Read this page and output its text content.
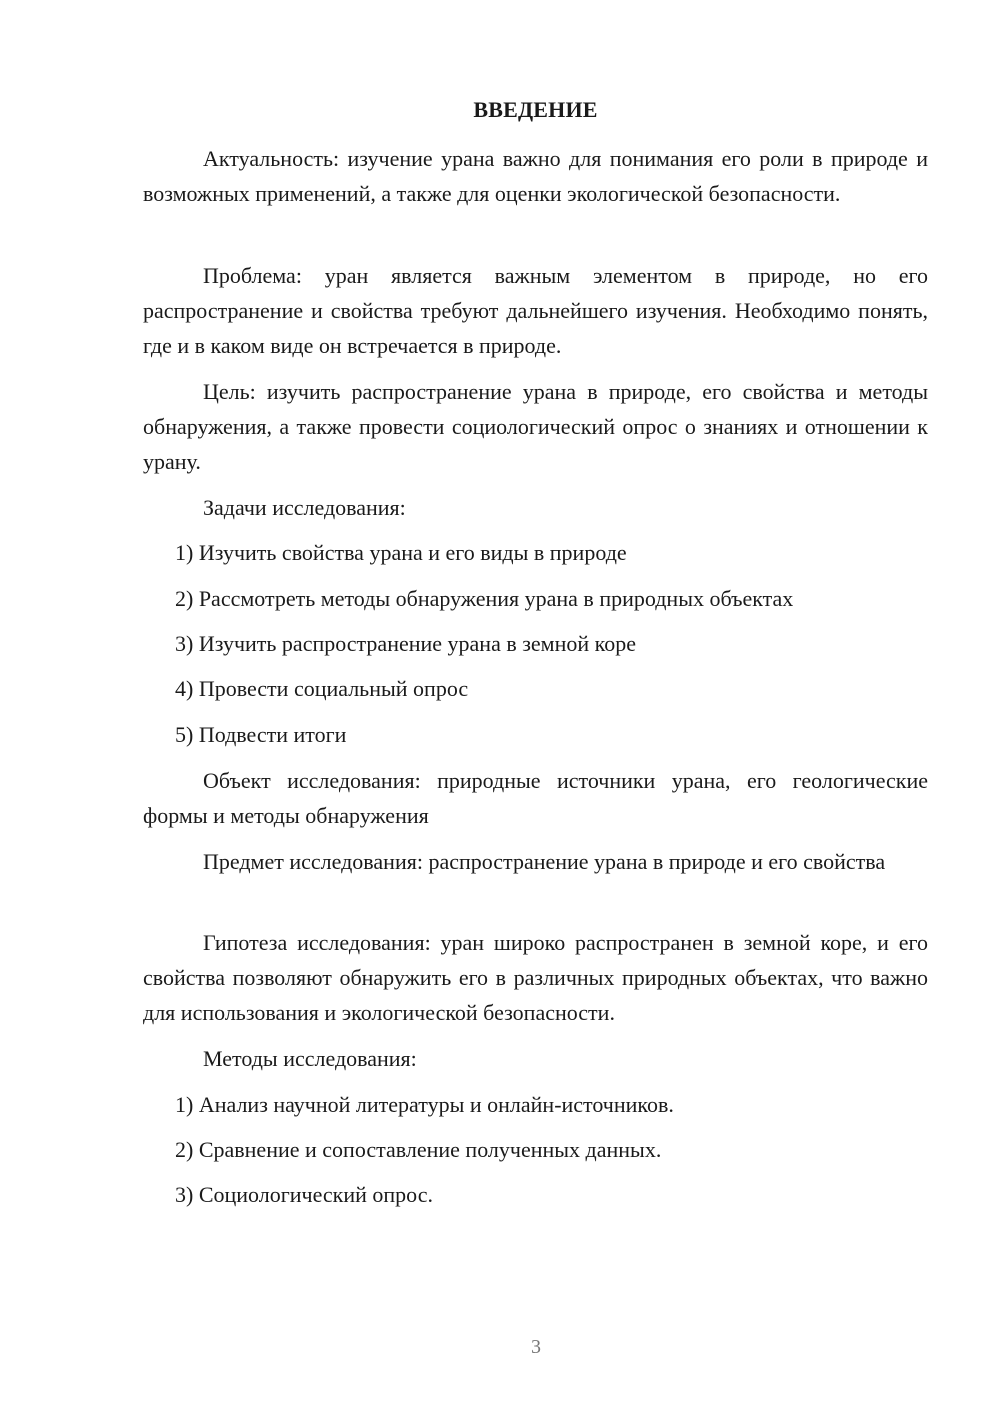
ВВЕДЕНИЕ

Актуальность: изучение урана важно для понимания его роли в природе и возможных применений, а также для оценки экологической безопасности.

Проблема: уран является важным элементом в природе, но его распространение и свойства требуют дальнейшего изучения. Необходимо понять, где и в каком виде он встречается в природе.

Цель: изучить распространение урана в природе, его свойства и методы обнаружения, а также провести социологический опрос о знаниях и отношении к урану.

Задачи исследования:

1) Изучить свойства урана и его виды в природе

2) Рассмотреть методы обнаружения урана в природных объектах

3) Изучить распространение урана в земной коре

4) Провести социальный опрос

5) Подвести итоги

Объект исследования: природные источники урана, его геологические формы и методы обнаружения

Предмет исследования: распространение урана в природе и его свойства

Гипотеза исследования: уран широко распространен в земной коре, и его свойства позволяют обнаружить его в различных природных объектах, что важно для использования и экологической безопасности.

Методы исследования:

1) Анализ научной литературы и онлайн-источников.

2) Сравнение и сопоставление полученных данных.

3) Социологический опрос.

3
